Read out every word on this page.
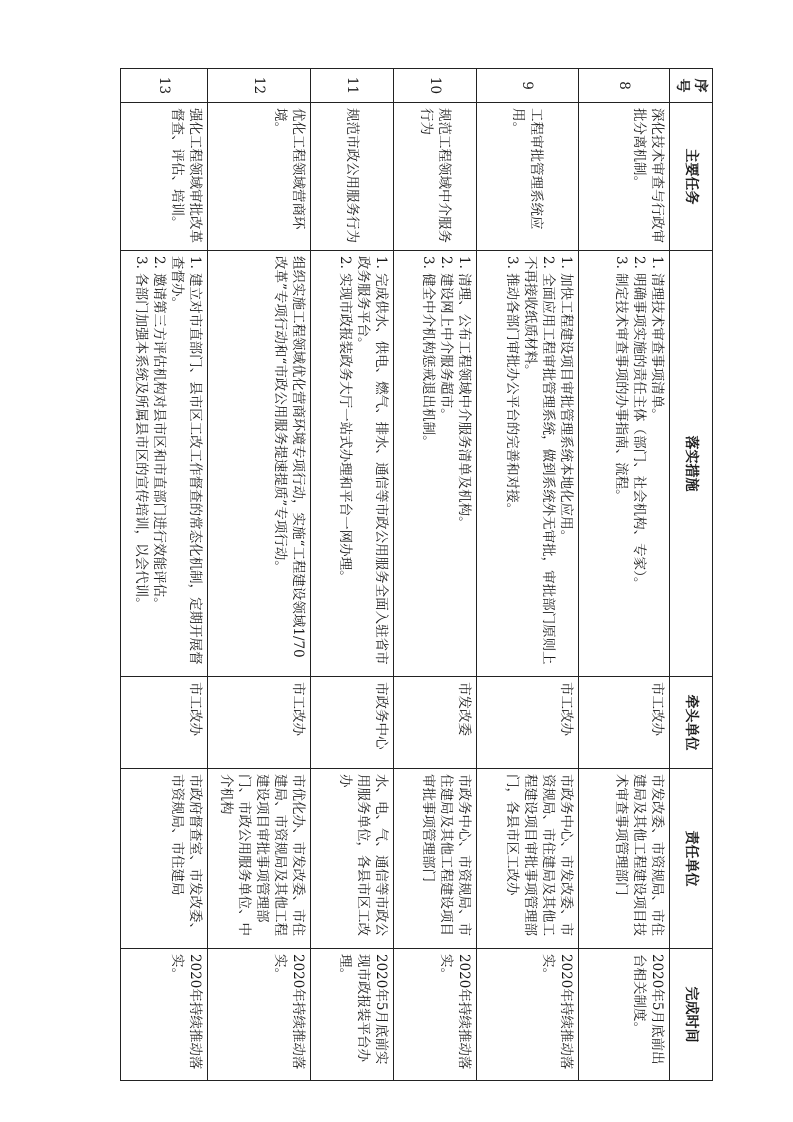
序号	主要任务	落实措施	牵头单位	责任单位	完成时间
8	深化技术审查与行政审批分离机制。	1. 清理技术审查事项清单。
2. 明确事项实施的责任主体（部门、社会机构、专家）。
3. 制定技术审查事项的办事指南、流程。	市工改办	市发改委、市资规局、市住建局及其他工程建设项目技术审查事项管理部门	2020年5月底前出台相关制度。
9	工程审批管理系统应用。	1. 加快工程建设项目审批管理系统本地化应用。
2. 全面应用工程审批管理系统，做到系统外无审批，审批部门原则上不再接收纸质材料。
3. 推动各部门审批办公平台的完善和对接。	市工改办	市政务中心、市发改委、市资规局、市住建局及其他工程建设项目审批事项管理部门，各县市区工改办	2020年持续推动落实。
10	规范工程领域中介服务行为	1. 清理、公布工程领域中介服务清单及机构。
2. 建设网上中介服务超市。
3. 健全中介机构惩戒退出机制。	市发改委	市政务中心、市资规局、市住建局及其他工程建设项目审批事项管理部门	2020年持续推动落实。
11	规范市政公用服务行为	1. 完成供水、供电、燃气、排水、通信等市政公用服务全面入驻省市政务服务平台。
2. 实现市政报装政务大厅一站式办理和平台一网办理。	市政务中心	水、电、气、通信等市政公用服务单位，各县市区工改办	2020年5月底前实现市政报装平台办理。
12	优化工程领域营商环境。	组织实施工程领域优化营商环境专项行动，实施“工程建设领域1/70改革”专项行动和“市政公用服务提速提质”专项行动。	市工改办	市优化办、市发改委、市住建局、市资规局及其他工程建设项目审批事项管理部门、市政公用服务单位、中介机构	2020年持续推动落实。
13	强化工程领域审批改革督查、评估、培训。	1. 建立对市直部门、县市区工改工作督查的常态化机制，定期开展督查督办。
2. 邀请第三方评估机构对县市区和市直部门进行效能评估。
3. 各部门加强本系统及所属县市区的宣传培训，以会代训。	市工改办	市政府督查室、市发改委、市资规局、市住建局	2020年持续推动落实。
